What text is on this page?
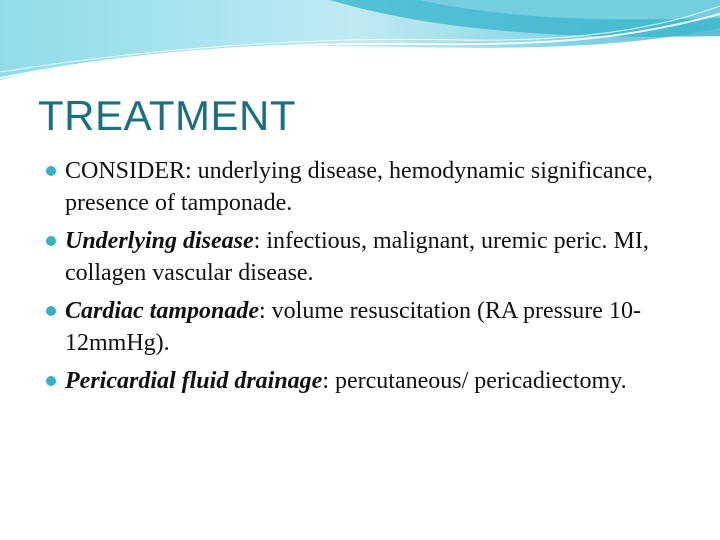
TREATMENT
CONSIDER: underlying disease, hemodynamic significance, presence of tamponade.
Underlying disease: infectious, malignant, uremic peric. MI, collagen vascular disease.
Cardiac tamponade: volume resuscitation (RA pressure 10-12mmHg).
Pericardial fluid drainage: percutaneous/ pericadiectomy.
